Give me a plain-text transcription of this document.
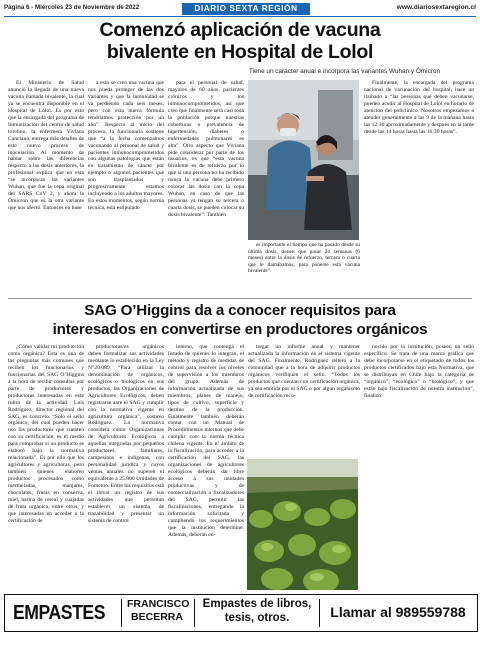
Página 6 - Miércoles 23 de Noviembre de 2022	DIARIO SEXTA REGIÓN	www.diariosextaregion.cl
Comenzó aplicación de vacuna
bivalente en Hospital de Lolol
Tiene un carácter anual e incorpora las variantes Wuhan y Ómicron

El Ministerio de Salud anunció la llegada de una nueva vacuna llamada bivalente, la cual ya se encuentra disponible en el Hospital de Lolol. Es por esto que la encargada del programa de Inmunización del centro de salud lololino, la enfermera Viviana Canciano, entrega más detalles de este nuevo proceso de inoculación. Al momento de hablar sobre las diferencias respecto a las dosis anteriores, la profesional explica que en esta “se incorporan las variantes Wuhan, que fue la cepa original del SARS CoV 2, y ahora la Ómicron que es la otra variante que nos afectó. Entonces en base

a esto se creó una vacuna que nos pueda proteger de las dos variantes y que la inmunidad se va perdiendo cada seis meses, pero con esta nueva fórmula tendríamos protección por un año”. Respecto al inicio del proceso, la funcionaria sostiene que “a la fecha comenzamos vacunando al personal de salud y pacientes inmunocomprometidos con algunas patologías que están en tratamiento de cáncer por ejemplo o algunos pacientes que son trasplantados y progresivamente estamos incluyendo a los adultos mayores. En estos momentos, según norma técnica, está estipulado

para el personal de salud, mayores de 60 años, pacientes crónicos y los inmunocomprometidos, así que creo que finalmente será casi toda la población porque nuestras coberturas o prevalencia de hipertensión, diabetes o enfermedades pulmonares es alta”. Otro aspecto que Viviana pide considerar por parte de los usuarios, es que “esta vacuna bivalente es de refuerzo por lo que si una persona no ha recibido nunca la vacuna debe primero colocar las dosis con la cepa Wuhan, en caso de que las personas ya tengan su tercera o cuarta dosis, se pueden colocar su dosis bivalente”. También

es importante el tiempo que ha pasado desde su última dosis, tienen que pasar 24 semanas (6 meses) entre la dosis de refuerzo, tercera o cuarta que le llamábamos, para ponerse esta vacuna bivalente”.

Finalmente, la encargada del programa nacional de vacunación del hospital, hace un llamado a “las personas que deben vacunarse, pueden acudir al Hospital de Lolol en horario de atención del policlínico. Nosotros empezamos a atender generalmente a las 9 de la mañana hasta las 12:30 aproximadamente y después en la tarde desde las 14 horas hasta las 16:30 horas”.

SAG O’Higgins da a conocer requisitos para
interesados en convertirse en productores orgánicos

¿Cómo validar mi producción como orgánica? Esta es una de las preguntas más comunes que reciben los funcionarios y funcionarias del SAG O’Higgins a la hora de recibir consultas por parte de productores y productoras interesadas en este rubro de la actividad. Luis Rodríguez, director regional del SAG, es concreto. “Solo el sello orgánico, del cual pueden hacer uso los productores que cuenten con su certificación, es el medio para comprobar si un producto se elaboró bajo la normativa relacionada”. Es por ello que los agricultores y agricultoras, pero también quienes elaboren productos procesados como mermeladas, manjares, chocolates, frutas en conserva, miel, harina de cereal y cuajadas de fruta orgánica, entre otros, y que interesadas en acceder a la certificación de

productoras/es orgánicos deben formalizar sus actividades mediante lo establecido en la Ley N°20.089. “Para utilizar la denominación de orgánicos, ecológicos o biológicos en sus productos, las Organizaciones de Agricultores Ecológicos, deben registrarse ante el SAG y cumplir con la normativa vigente en agricultura orgánica”, sostuvo Rodríguez. La normativa considera como Organizaciones de Agricultores Ecológicos a aquellas integradas por pequeños productores, familiares, campesinos e indígenas, con personalidad jurídica y cuyos ventas anuales no superen el equivalente a 25.000 Unidades de Fomento. Entre los requisitos está el llevar un registro de sus actividades que permitan establecer un sistema de trazabilidad y presentar un sistema de control

interno, que contenga el listado de quienes lo integran, el método y registro de medidas de control para resolver los niveles de supervisión a los miembros del grupo. Además de información actualizada de sus miembros, planes de manejo, tipos de cultivo, superficie y destino de la producción. Finalmente también deberán contar con un Manual de Procedimientos internos que debe cumplir con la norma técnica chilena vigente. En el ámbito de la fiscalización, para acceder a la certificación del SAG, las organizaciones de agricultores ecológicos deberán dar libre acceso a sus unidades productivas y de comercialización a fiscalizadores del SAG, permitir las fiscalizaciones, entregando la información solicitada y cumpliendo los requerimientos que la institución determine. Además, deberán en-

tregar un informe anual y mantener actualizada la información en el sistema vigente del SAG. Finalmente, Rodríguez reiteró a la comunidad que a la hora de adquirir productos orgánicos verifiquen el sello. “Todos los productos que cuentan con certificación orgánica, ya sea emitida por el SAG o por algún organismo de certificación reco-

nocido por la institución, poseen un sello específico. Se trata de una marca gráfica que debe incorporarse en el etiquetado de todos los productos certificados bajo esta Normativa, que se distribuyan en Chile bajo la categoría de “orgánico”, “ecológico” o “biológico”, y que están bajo fiscalización de nuestra institución”, finalizó.

EMPASTES FRANCISCO
BECERRA
Empastes de libros,
tesis, otros.	Llamar al 989559788
